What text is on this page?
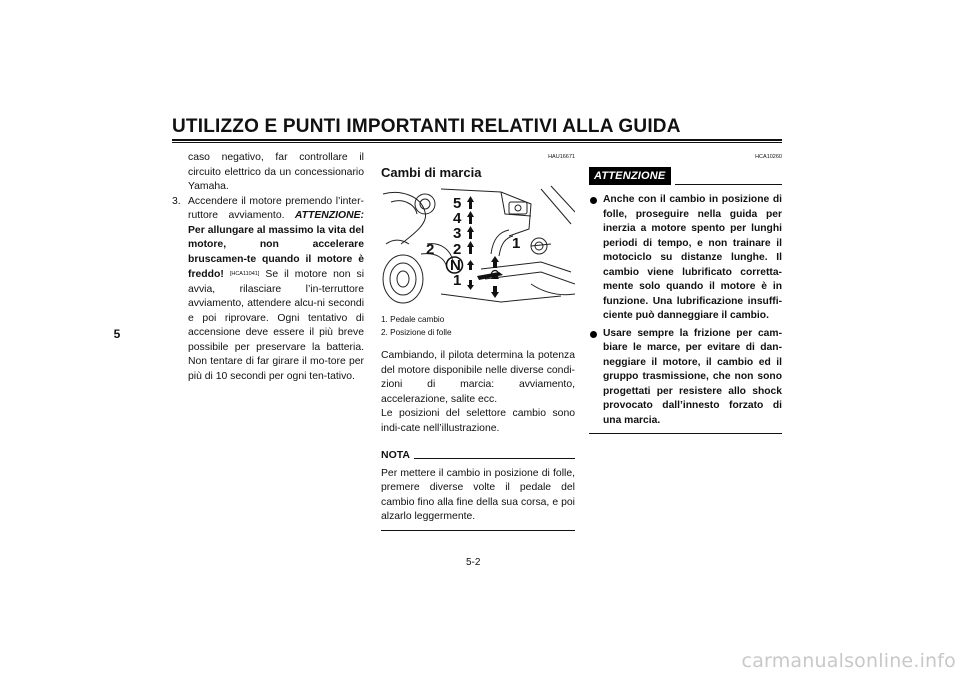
UTILIZZO E PUNTI IMPORTANTI RELATIVI ALLA GUIDA
5
caso negativo, far controllare il circuito elettrico da un concessionario Yamaha.
3. Accendere il motore premendo l’inter-ruttore avviamento. ATTENZIONE: Per allungare al massimo la vita del motore, non accelerare bruscamen-te quando il motore è freddo! [HCA11041] Se il motore non si avvia, rilasciare l’in-terruttore avviamento, attendere alcu-ni secondi e poi riprovare. Ogni tentativo di accensione deve essere il più breve possibile per preservare la batteria. Non tentare di far girare il mo-tore per più di 10 secondi per ogni ten-tativo.
HAU16671
Cambi di marcia
5
4
3
2
N
1
2	1
1. Pedale cambio
2. Posizione di folle
Cambiando, il pilota determina la potenza del motore disponibile nelle diverse condi-zioni di marcia: avviamento, accelerazione, salite ecc.
Le posizioni del selettore cambio sono indi-cate nell’illustrazione.
NOTA
Per mettere il cambio in posizione di folle, premere diverse volte il pedale del cambio fino alla fine della sua corsa, e poi alzarlo leggermente.
HCA10260
ATTENZIONE
Anche con il cambio in posizione di folle, proseguire nella guida per inerzia a motore spento per lunghi periodi di tempo, e non trainare il motociclo su distanze lunghe. Il cambio viene lubrificato corretta-mente solo quando il motore è in funzione. Una lubrificazione insuffi-ciente può danneggiare il cambio.
Usare sempre la frizione per cam-biare le marce, per evitare di dan-neggiare il motore, il cambio ed il gruppo trasmissione, che non sono progettati per resistere allo shock provocato dall’innesto forzato di una marcia.
5-2
carmanualsonline.info
